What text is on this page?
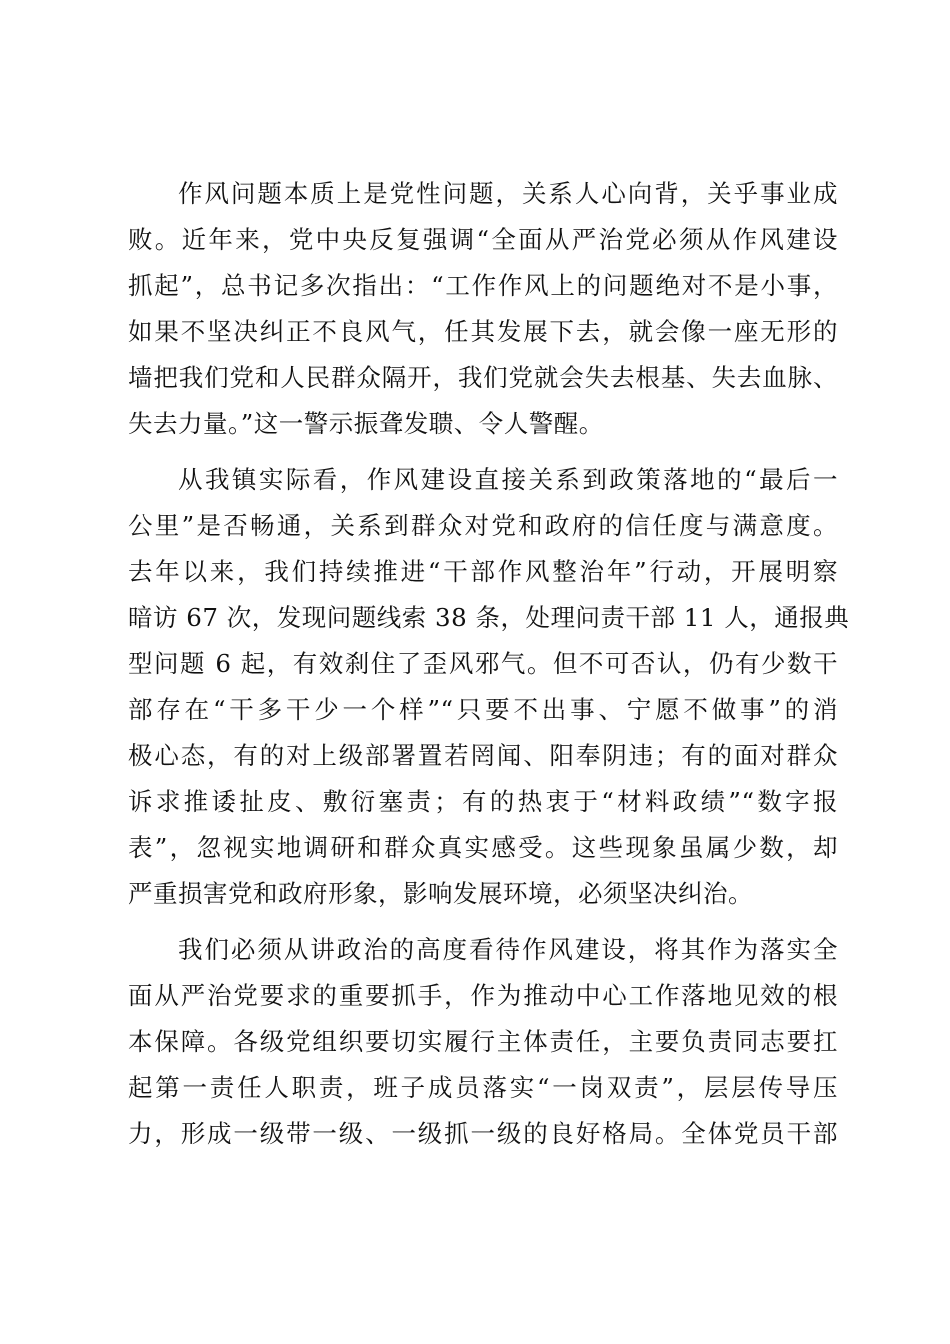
作风问题本质上是党性问题，关系人心向背，关乎事业成
败。近年来，党中央反复强调“全面从严治党必须从作风建设
抓起”，总书记多次指出：“工作作风上的问题绝对不是小事，
如果不坚决纠正不良风气，任其发展下去，就会像一座无形的
墙把我们党和人民群众隔开，我们党就会失去根基、失去血脉、
失去力量。”这一警示振聋发聩、令人警醒。
从我镇实际看，作风建设直接关系到政策落地的“最后一
公里”是否畅通，关系到群众对党和政府的信任度与满意度。
去年以来，我们持续推进“干部作风整治年”行动，开展明察
暗访 67 次，发现问题线索 38 条，处理问责干部 11 人，通报典
型问题 6 起，有效刹住了歪风邪气。但不可否认，仍有少数干
部存在“干多干少一个样”“只要不出事、宁愿不做事”的消
极心态，有的对上级部署置若罔闻、阳奉阴违；有的面对群众
诉求推诿扯皮、敷衍塞责；有的热衷于“材料政绩”“数字报
表”，忽视实地调研和群众真实感受。这些现象虽属少数，却
严重损害党和政府形象，影响发展环境，必须坚决纠治。
我们必须从讲政治的高度看待作风建设，将其作为落实全
面从严治党要求的重要抓手，作为推动中心工作落地见效的根
本保障。各级党组织要切实履行主体责任，主要负责同志要扛
起第一责任人职责，班子成员落实“一岗双责”，层层传导压
力，形成一级带一级、一级抓一级的良好格局。全体党员干部
